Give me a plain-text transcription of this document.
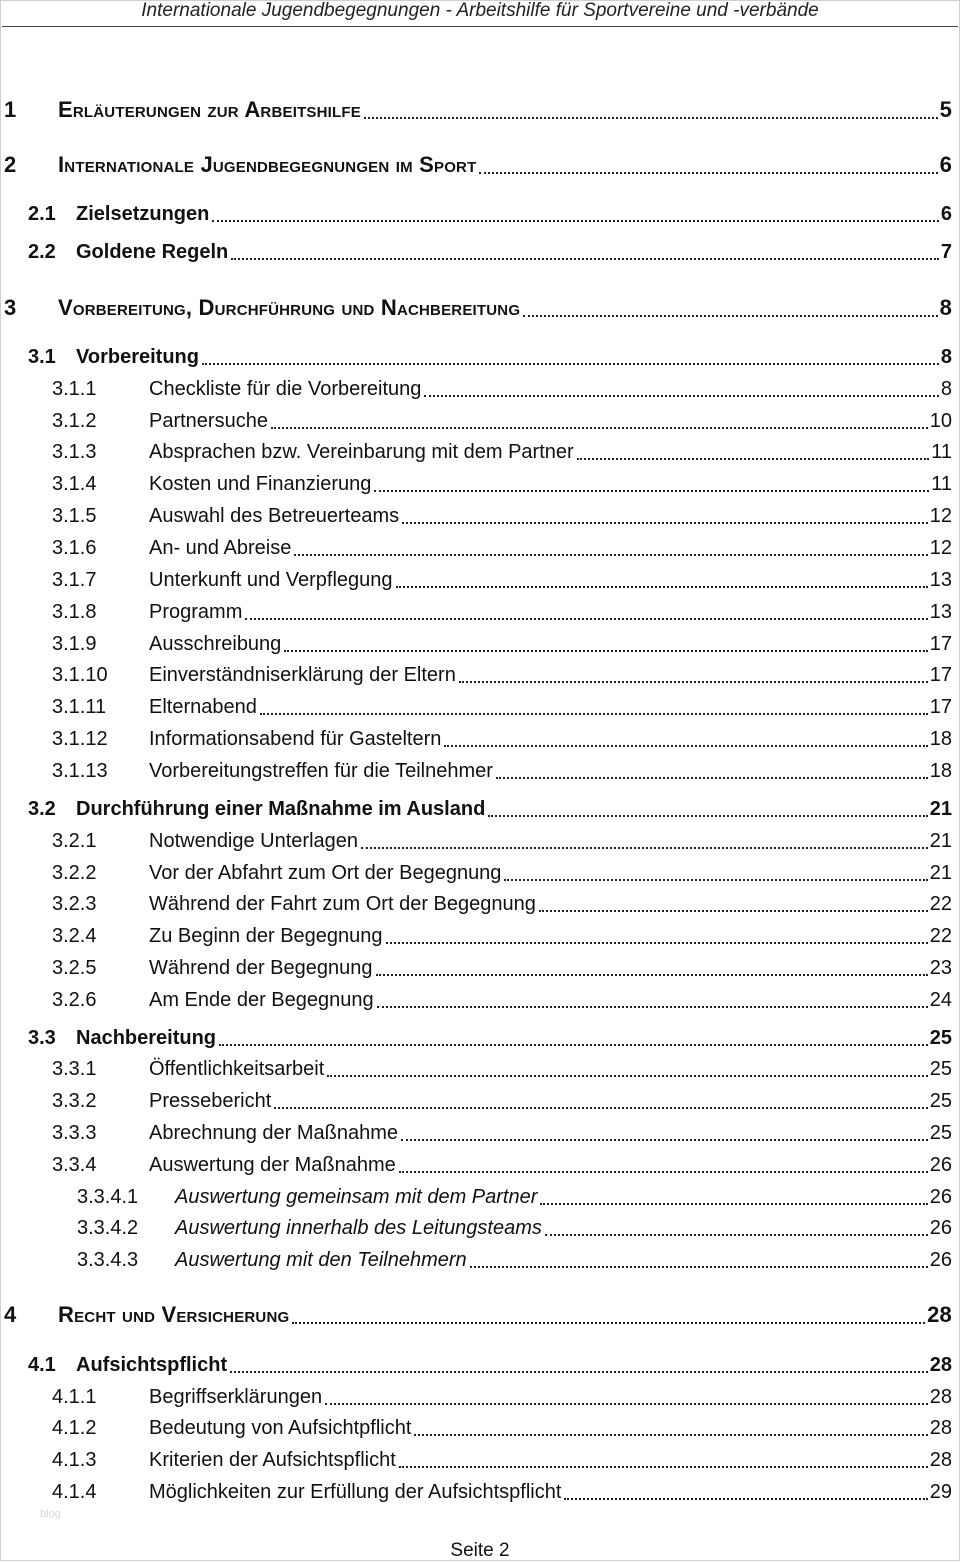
Internationale Jugendbegegnungen - Arbeitshilfe für Sportvereine und -verbände
1	Erläuterungen zur Arbeitshilfe	5
2	Internationale Jugendbegegnungen im Sport	6
2.1	Zielsetzungen	6
2.2	Goldene Regeln	7
3	Vorbereitung, Durchführung und Nachbereitung	8
3.1	Vorbereitung	8
3.1.1	Checkliste für die Vorbereitung	8
3.1.2	Partnersuche	10
3.1.3	Absprachen bzw. Vereinbarung mit dem Partner	11
3.1.4	Kosten und Finanzierung	11
3.1.5	Auswahl des Betreuerteams	12
3.1.6	An- und Abreise	12
3.1.7	Unterkunft und Verpflegung	13
3.1.8	Programm	13
3.1.9	Ausschreibung	17
3.1.10	Einverständniserklärung der Eltern	17
3.1.11	Elternabend	17
3.1.12	Informationsabend für Gasteltern	18
3.1.13	Vorbereitungstreffen für die Teilnehmer	18
3.2	Durchführung einer Maßnahme im Ausland	21
3.2.1	Notwendige Unterlagen	21
3.2.2	Vor der Abfahrt zum Ort der Begegnung	21
3.2.3	Während der Fahrt zum Ort der Begegnung	22
3.2.4	Zu Beginn der Begegnung	22
3.2.5	Während der Begegnung	23
3.2.6	Am Ende der Begegnung	24
3.3	Nachbereitung	25
3.3.1	Öffentlichkeitsarbeit	25
3.3.2	Pressebericht	25
3.3.3	Abrechnung der Maßnahme	25
3.3.4	Auswertung der Maßnahme	26
3.3.4.1	Auswertung gemeinsam mit dem Partner	26
3.3.4.2	Auswertung innerhalb des Leitungsteams	26
3.3.4.3	Auswertung mit den Teilnehmern	26
4	Recht und Versicherung	28
4.1	Aufsichtspflicht	28
4.1.1	Begriffserklärungen	28
4.1.2	Bedeutung von Aufsichtpflicht	28
4.1.3	Kriterien der Aufsichtspflicht	28
4.1.4	Möglichkeiten zur Erfüllung der Aufsichtspflicht	29
blog
Seite 2
